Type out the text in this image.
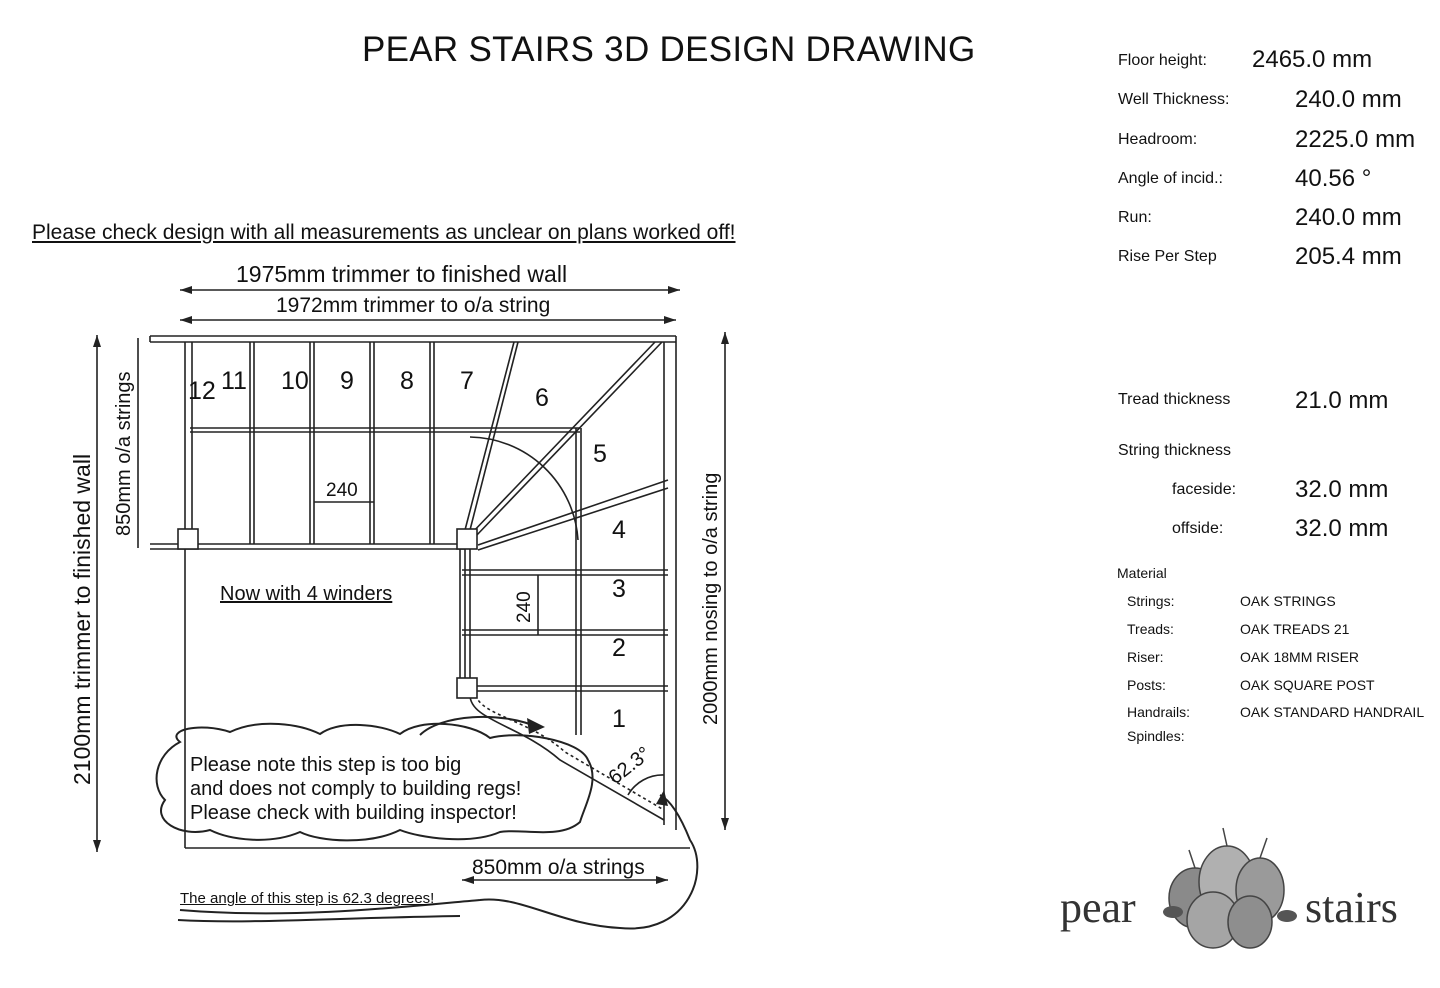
PEAR STAIRS 3D DESIGN DRAWING
Please check design with all measurements as unclear on plans worked off!
Floor height: 2465.0 mm
Well Thickness:	240.0 mm
Headroom:	2225.0 mm
Angle of incid.:	40.56 °
Run:	240.0 mm
Rise Per Step	205.4 mm
Tread thickness	21.0 mm
String thickness
faceside: 32.0 mm
offside:	32.0 mm
Material
Strings:	OAK STRINGS
Treads:	OAK TREADS 21
Riser:	OAK 18MM RISER
Posts:	OAK SQUARE POST
Handrails:	OAK STANDARD HANDRAIL
Spindles:
1975mm trimmer to finished wall
1972mm trimmer to o/a string
2100mm trimmer to finished wall
850mm o/a strings
2000mm nosing to o/a string
850mm o/a strings
240
240
12 11 10 9 8 7
6
5
4
3
2
1
62.3°
Please note this step is too big
and does not comply to building regs!
Please check with building inspector!
Now with 4 winders
The angle of this step is 62.3 degrees!	pear	stairs
